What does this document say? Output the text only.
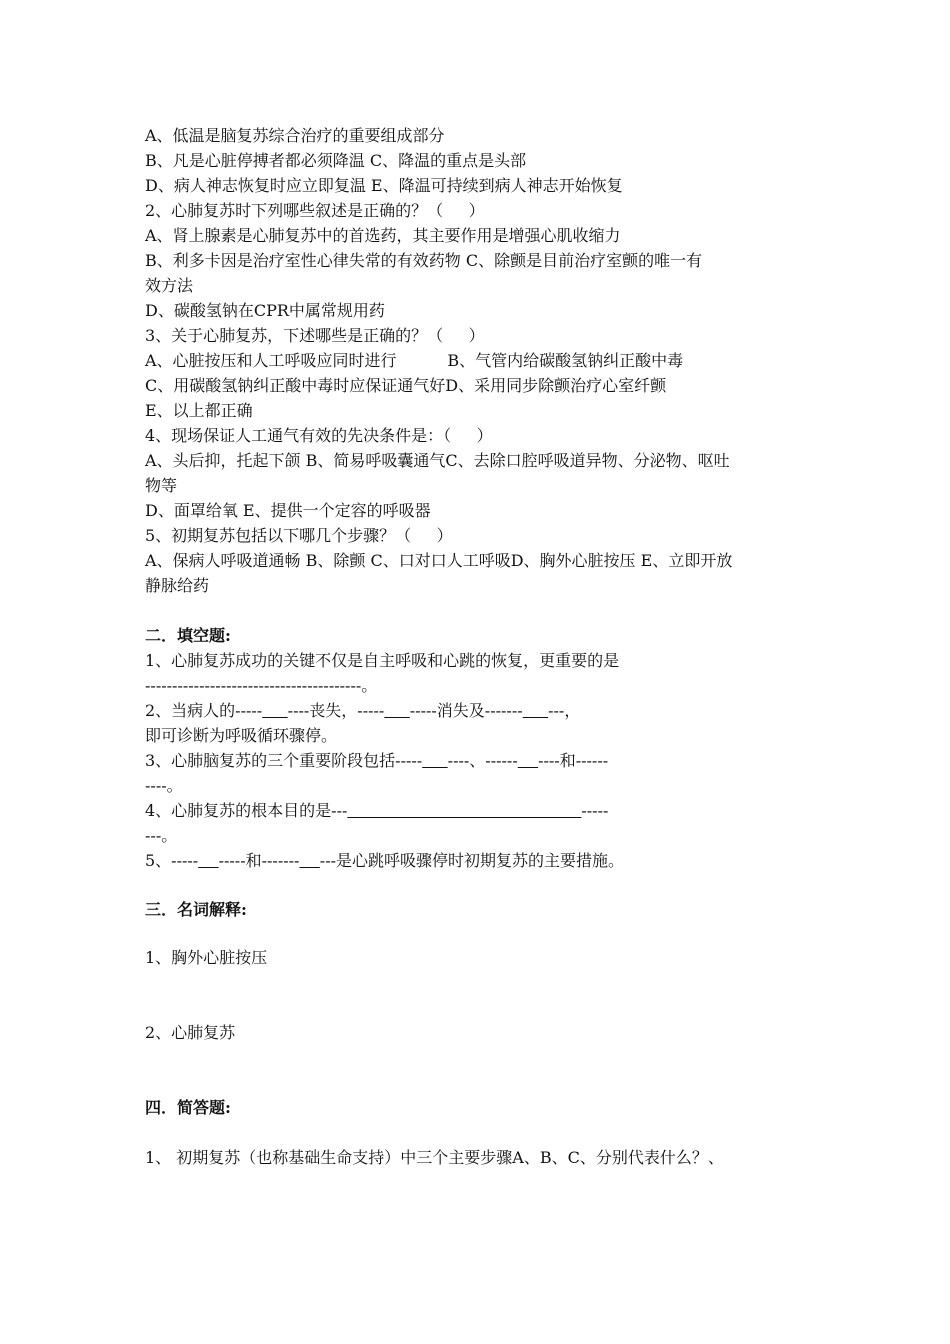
A、低温是脑复苏综合治疗的重要组成部分
B、凡是心脏停搏者都必须降温 C、降温的重点是头部
D、病人神志恢复时应立即复温 E、降温可持续到病人神志开始恢复
2、心肺复苏时下列哪些叙述是正确的？（     ）
A、肾上腺素是心肺复苏中的首选药，其主要作用是增强心肌收缩力
B、利多卡因是治疗室性心律失常的有效药物 C、除颤是目前治疗室颤的唯一有
效方法
D、碳酸氢钠在CPR中属常规用药
3、关于心肺复苏，下述哪些是正确的？（     ）
A、心脏按压和人工呼吸应同时进行          B、气管内给碳酸氢钠纠正酸中毒
C、用碳酸氢钠纠正酸中毒时应保证通气好D、采用同步除颤治疗心室纤颤
E、以上都正确
4、现场保证人工通气有效的先决条件是：（     ）
A、头后抑，托起下颌 B、简易呼吸囊通气C、去除口腔呼吸道异物、分泌物、呕吐
物等
D、面罩给氧 E、提供一个定容的呼吸器
5、初期复苏包括以下哪几个步骤？（     ）
A、保病人呼吸道通畅 B、除颤 C、口对口人工呼吸D、胸外心脏按压 E、立即开放
静脉给药
二．填空题:
1、心肺复苏成功的关键不仅是自主呼吸和心跳的恢复，更重要的是
----------------------------------------。
2、当病人的----- ----丧失，----- -----消失及------- ---，
即可诊断为呼吸循环骤停。
3、心肺脑复苏的三个重要阶段包括----- ----、------ ----和------
----。
4、心肺复苏的根本目的是---	-----
---。
5、----- -----和------- ---是心跳呼吸骤停时初期复苏的主要措施。
三．名词解释:
1、胸外心脏按压
2、心肺复苏
四．简答题:
1、 初期复苏（也称基础生命支持）中三个主要步骤A、B、C、分别代表什么？、
